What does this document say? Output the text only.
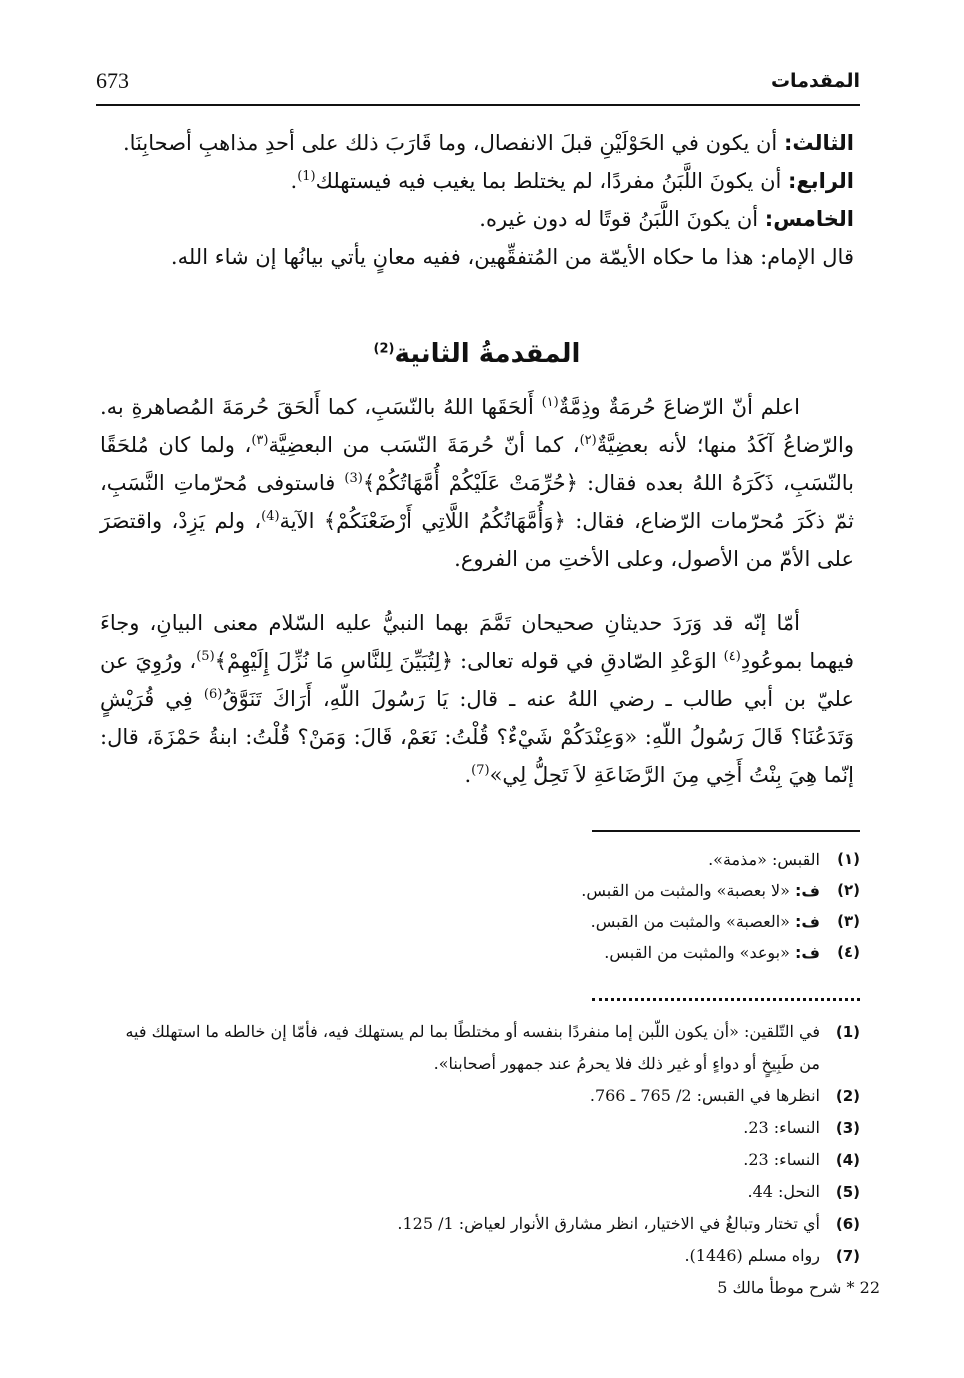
المقدمات
673

الثالث: أن يكون في الحَوْلَيْنِ قبلَ الانفصال، وما قَارَبَ ذلك على أحدِ مذاهبِ أصحابِنَا.

الرابع: أن يكونَ اللَّبَنُ مفردًا، لم يختلط بما يغيب فيه فيستهلك$^{(1)}$.

الخامس: أن يكونَ اللَّبَنُ قوتًا له دون غيره.

قال الإمام: هذا ما حكاه الأيمّة من المُتفقِّهين، ففيه معانٍ يأتي بيانُها إن شاء الله.

المقدمةُ الثانية$^{(2)}$

اعلم أنّ الرّضاعَ حُرمَةٌ وذِمَّةٌ$^{(١)}$ أَلحَقَها اللهُ بالنّسَبِ، كما أَلحَقَ حُرمَةَ المُصاهرةِ به. والرّضاعُ آكَدُ منها؛ لأنه بعضِيَّةٌ$^{(٢)}$، كما أنّ حُرمَةَ النّسَب من البعضِيَّة$^{(٣)}$، ولما كان مُلحَقًا بالنّسَبِ، ذَكَرَهُ اللهُ بعده فقال: ﴿حُرِّمَتْ عَلَيْكُمْ أُمَّهَاتُكُمْ﴾$^{(3)}$ فاستوفى مُحرّماتِ النَّسَبِ، ثمّ ذكَرَ مُحرّمات الرّضاع، فقال: ﴿وَأُمَّهَاتُكُمُ اللَّاتِي أَرْضَعْنَكُمْ﴾ الآية$^{(4)}$، ولم يَزِدْ، واقتصَرَ على الأمّ من الأصول، وعلى الأختِ من الفروع.

أمّا إنّه قد وَرَدَ حديثانِ صحيحان تَمَّمَ بهما النبيُّ عليه السّلام معنى البيانِ، وجاءَ فيهما بموعُودِ$^{(٤)}$ الوَعْدِ الصّادقِ في قوله تعالى: ﴿لِتُبَيِّنَ لِلنَّاسِ مَا نُزِّلَ إِلَيْهِمْ﴾$^{(5)}$، ورُوِيَ عن عليّ بن أبي طالب ـ رضي اللهُ عنه ـ قال: يَا رَسُولَ اللّهِ، أَرَاكَ تَنَوَّقُ$^{(6)}$ فِي قُرَيْشٍ وَتَدَعُنَا؟ قَالَ رَسُولُ اللّهِ: «وَعِنْدَكُمْ شَيْءٌ؟ قُلْتُ: نَعَمْ، قَالَ: وَمَنْ؟ قُلْتُ: ابنةُ حَمْزَةَ، قال: إنّما هِيَ بِنْتُ أَخِي مِنَ الرَّضَاعَةِ لاَ تَحِلُّ لِي»$^{(7)}$.

(١)
القبس: «مذمة».
(٢)
ف: «لا بعصبة» والمثبت من القبس.
(٣)
ف: «العصبة» والمثبت من القبس.
(٤)
ف: «بوعد» والمثبت من القبس.
(1)
في التّلقين: «أن يكون اللّبن إما منفردًا بنفسه أو مختلطًا بما لم يستهلك فيه، فأمّا إن خالطه ما استهلك فيه من طَبِيخٍ أو دواءٍ أو غير ذلك فلا يحرمُ عند جمهور أصحابنا».
(2)
انظرها في القبس: 2/ 765 ـ 766.
(3)
النساء: 23.
(4)
النساء: 23.
(5)
النحل: 44.
(6)
أي تختار وتبالغُ في الاختيار، انظر مشارق الأنوار لعياض: 1/ 125.
(7)
رواه مسلم (1446).
22 * شرح موطأ مالك 5
